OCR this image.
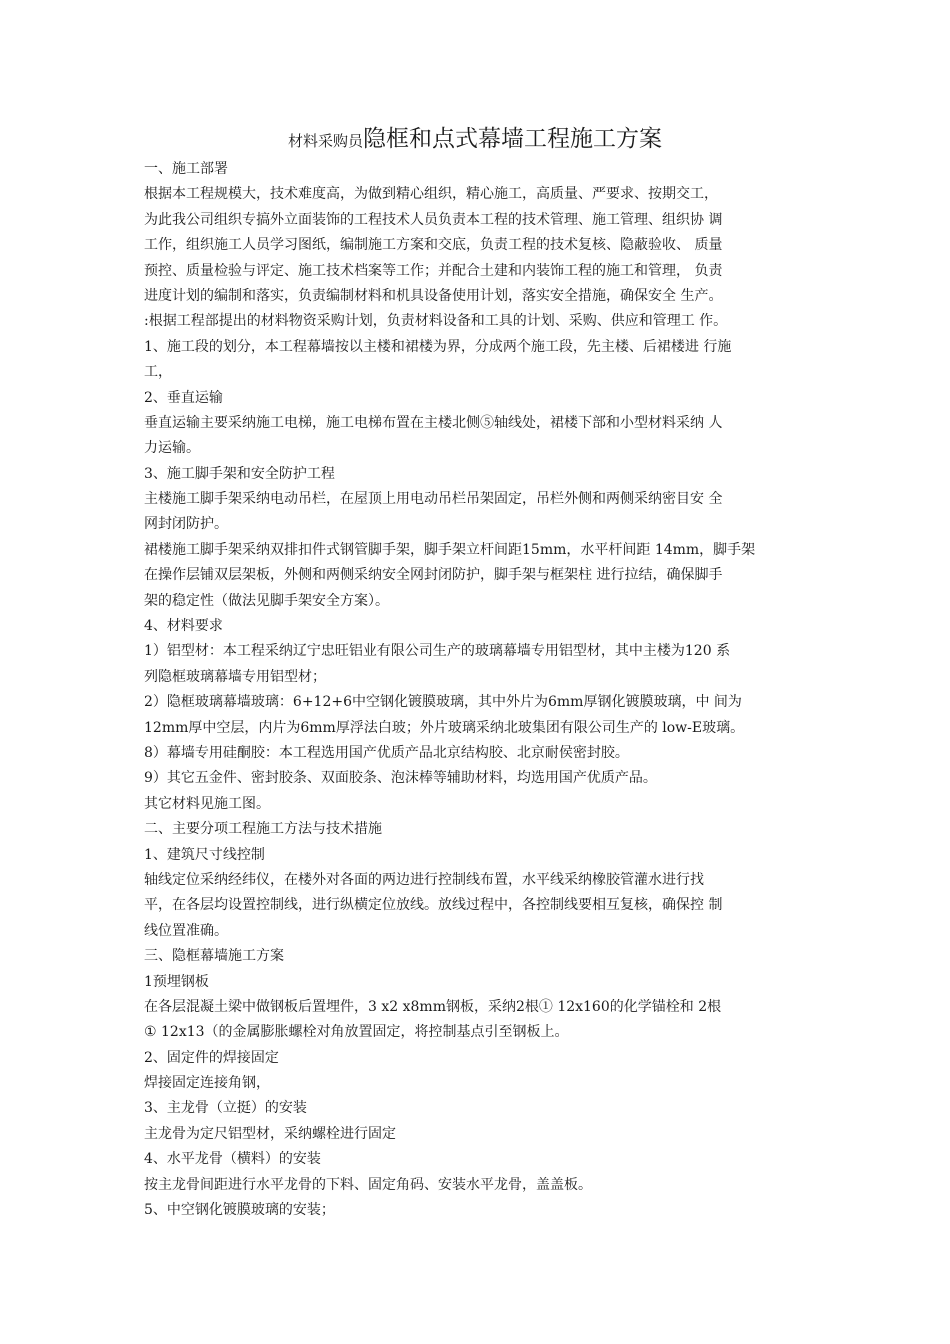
材料采购员隐框和点式幕墙工程施工方案
一、施工部署
根据本工程规模大，技术难度高，为做到精心组织，精心施工，高质量、严要求、按期交工，
为此我公司组织专搞外立面装饰的工程技术人员负责本工程的技术管理、施工管理、组织协 调
工作，组织施工人员学习图纸，编制施工方案和交底，负责工程的技术复核、隐蔽验收、 质量
预控、质量检验与评定、施工技术档案等工作；并配合土建和内装饰工程的施工和管理， 负责
进度计划的编制和落实，负责编制材料和机具设备使用计划，落实安全措施，确保安全 生产。
:根据工程部提出的材料物资采购计划，负责材料设备和工具的计划、采购、供应和管理工 作。
1、施工段的划分，本工程幕墙按以主楼和裙楼为界，分成两个施工段，先主楼、后裙楼进 行施
工，
2、垂直运输
垂直运输主要采纳施工电梯，施工电梯布置在主楼北侧⑤轴线处，裙楼下部和小型材料采纳 人
力运输。
3、施工脚手架和安全防护工程
主楼施工脚手架采纳电动吊栏，在屋顶上用电动吊栏吊架固定，吊栏外侧和两侧采纳密目安 全
网封闭防护。
裙楼施工脚手架采纳双排扣件式钢管脚手架，脚手架立杆间距15mm，水平杆间距 14mm，脚手架
在操作层铺双层架板，外侧和两侧采纳安全网封闭防护，脚手架与框架柱 进行拉结，确保脚手
架的稳定性（做法见脚手架安全方案）。
4、材料要求
1）铝型材：本工程采纳辽宁忠旺铝业有限公司生产的玻璃幕墙专用铝型材，其中主楼为120 系
列隐框玻璃幕墙专用铝型材；
2）隐框玻璃幕墙玻璃：6+12+6中空钢化镀膜玻璃，其中外片为6mm厚钢化镀膜玻璃，中 间为
12mm厚中空层，内片为6mm厚浮法白玻；外片玻璃采纳北玻集团有限公司生产的 low-E玻璃。
8）幕墙专用硅酮胶：本工程选用国产优质产品北京结构胶、北京耐侯密封胶。
9）其它五金件、密封胶条、双面胶条、泡沫棒等辅助材料，均选用国产优质产品。
其它材料见施工图。
二、主要分项工程施工方法与技术措施
1、建筑尺寸线控制
轴线定位采纳经纬仪，在楼外对各面的两边进行控制线布置，水平线采纳橡胶管灌水进行找
平，在各层均设置控制线，进行纵横定位放线。放线过程中，各控制线要相互复核，确保控 制
线位置准确。
三、隐框幕墙施工方案
1预埋钢板
在各层混凝土梁中做钢板后置埋件，3 x2 x8mm钢板，采纳2根① 12x160的化学锚栓和 2根
① 12x13（的金属膨胀螺栓对角放置固定，将控制基点引至钢板上。
2、固定件的焊接固定
焊接固定连接角钢，
3、主龙骨（立挺）的安装
主龙骨为定尺铝型材，采纳螺栓进行固定
4、水平龙骨（横料）的安装
按主龙骨间距进行水平龙骨的下料、固定角码、安装水平龙骨，盖盖板。
5、中空钢化镀膜玻璃的安装；
